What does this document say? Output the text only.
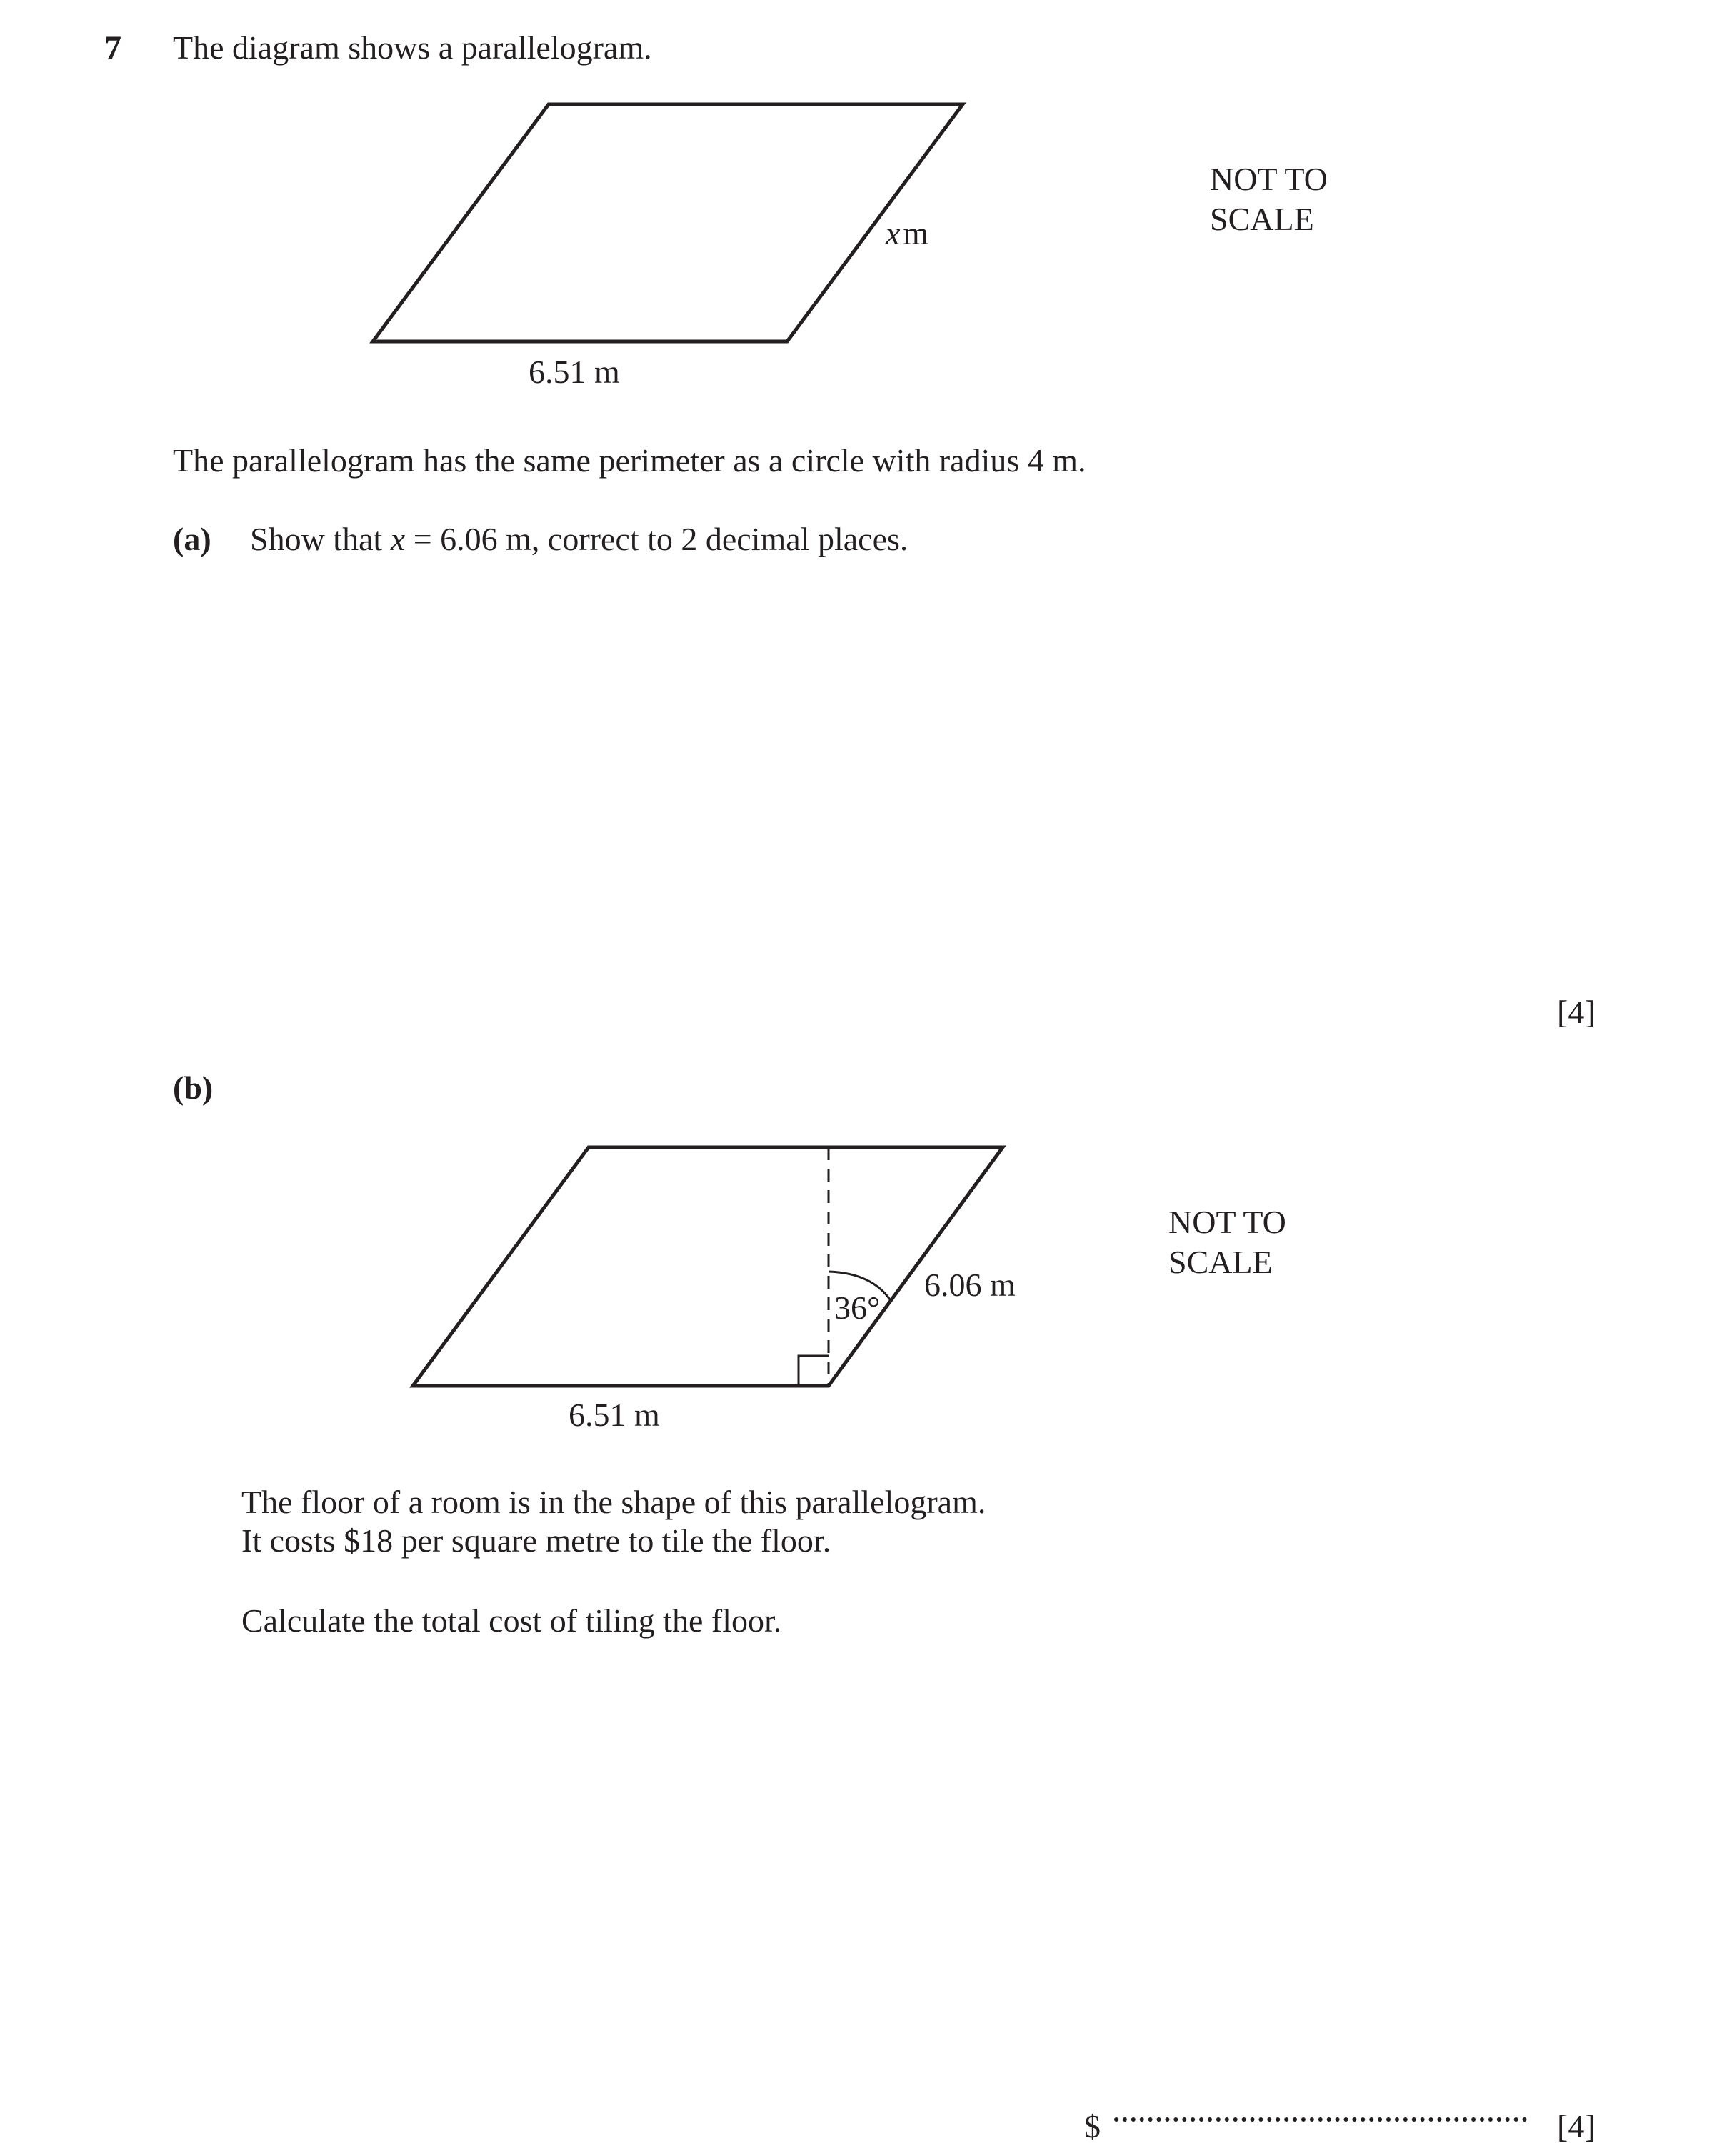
7 The diagram shows a parallelogram.
xm
6.51 m
NOT TO
SCALE
36°
6.06 m
6.51 m
NOT TO
SCALE
The parallelogram has the same perimeter as a circle with radius 4 m.
(a) Show that x = 6.06 m, correct to 2 decimal places.
[4]
(b)
The floor of a room is in the shape of this parallelogram.
It costs $18 per square metre to tile the floor.
Calculate the total cost of tiling the floor.
$	[4]
